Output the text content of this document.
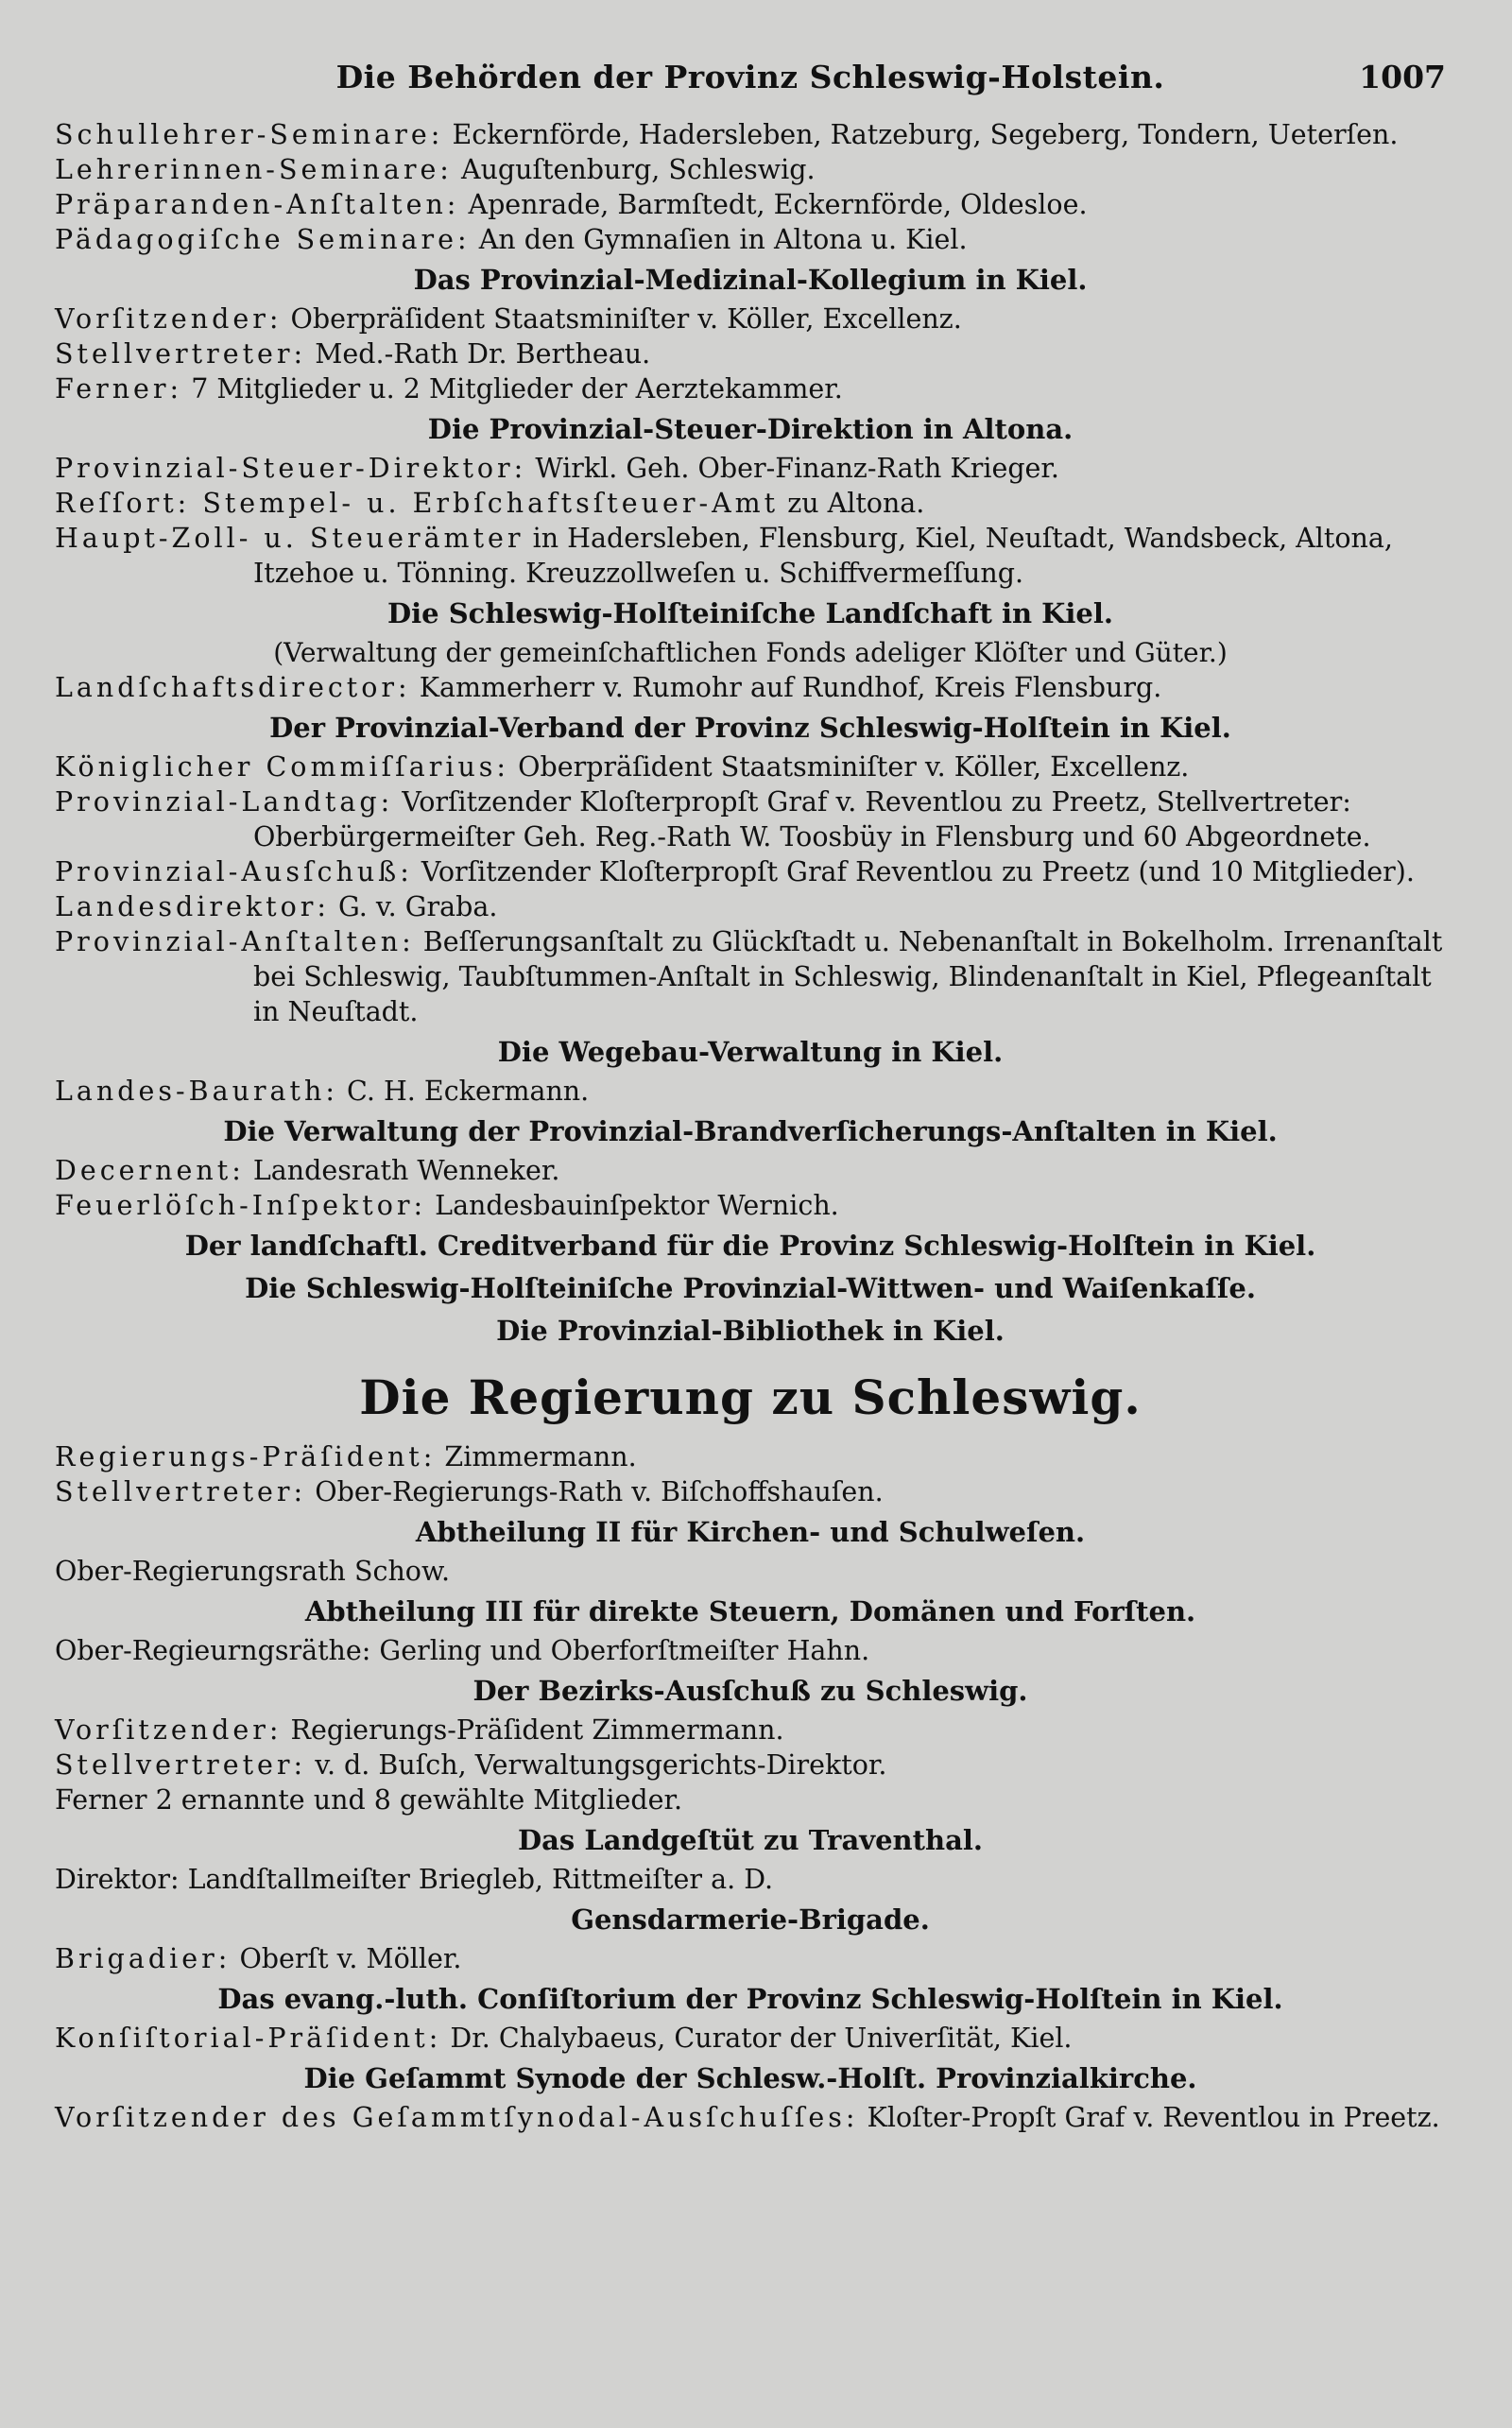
Die Behörden der Provinz Schleswig-Holstein.	1007

Schullehrer-Seminare: Eckernförde, Hadersleben, Ratzeburg, Segeberg, Tondern, Ueterſen.

Lehrerinnen-Seminare: Auguſtenburg, Schleswig.

Präparanden-Anſtalten: Apenrade, Barmſtedt, Eckernförde, Oldesloe.

Pädagogiſche Seminare: An den Gymnaſien in Altona u. Kiel.

Das Provinzial-Medizinal-Kollegium in Kiel.

Vorſitzender: Oberpräſident Staatsminiſter v. Köller, Excellenz.

Stellvertreter: Med.-Rath Dr. Bertheau.

Ferner: 7 Mitglieder u. 2 Mitglieder der Aerztekammer.

Die Provinzial-Steuer-Direktion in Altona.

Provinzial-Steuer-Direktor: Wirkl. Geh. Ober-Finanz-Rath Krieger.

Reſſort: Stempel- u. Erbſchaftsſteuer-Amt zu Altona.

Haupt-Zoll- u. Steuerämter in Hadersleben, Flensburg, Kiel, Neuſtadt, Wandsbeck, Altona, Itzehoe u. Tönning. Kreuzzollweſen u. Schiffvermeſſung.

Die Schleswig-Holſteiniſche Landſchaft in Kiel.

(Verwaltung der gemeinſchaftlichen Fonds adeliger Klöſter und Güter.)

Landſchaftsdirector: Kammerherr v. Rumohr auf Rundhof, Kreis Flensburg.

Der Provinzial-Verband der Provinz Schleswig-Holſtein in Kiel.

Königlicher Commiſſarius: Oberpräſident Staatsminiſter v. Köller, Excellenz.

Provinzial-Landtag: Vorſitzender Kloſterpropſt Graf v. Reventlou zu Preetz, Stellvertreter: Oberbürgermeiſter Geh. Reg.-Rath W. Toosbüy in Flensburg und 60 Abgeordnete.

Provinzial-Ausſchuß: Vorſitzender Kloſterpropſt Graf Reventlou zu Preetz (und 10 Mitglieder).

Landesdirektor: G. v. Graba.

Provinzial-Anſtalten: Beſſerungsanſtalt zu Glückſtadt u. Nebenanſtalt in Bokelholm. Irrenanſtalt bei Schleswig, Taubſtummen-Anſtalt in Schleswig, Blindenanſtalt in Kiel, Pflegeanſtalt in Neuſtadt.

Die Wegebau-Verwaltung in Kiel.

Landes-Baurath: C. H. Eckermann.

Die Verwaltung der Provinzial-Brandverſicherungs-Anſtalten in Kiel.

Decernent: Landesrath Wenneker.

Feuerlöſch-Inſpektor: Landesbauinſpektor Wernich.

Der landſchaftl. Creditverband für die Provinz Schleswig-Holſtein in Kiel.

Die Schleswig-Holſteiniſche Provinzial-Wittwen- und Waiſenkaſſe.

Die Provinzial-Bibliothek in Kiel.

Die Regierung zu Schleswig.

Regierungs-Präſident: Zimmermann.

Stellvertreter: Ober-Regierungs-Rath v. Biſchoffshauſen.

Abtheilung II für Kirchen- und Schulweſen.

Ober-Regierungsrath Schow.

Abtheilung III für direkte Steuern, Domänen und Forſten.

Ober-Regieurngsräthe: Gerling und Oberforſtmeiſter Hahn.

Der Bezirks-Ausſchuß zu Schleswig.

Vorſitzender: Regierungs-Präſident Zimmermann.

Stellvertreter: v. d. Buſch, Verwaltungsgerichts-Direktor.

Ferner 2 ernannte und 8 gewählte Mitglieder.

Das Landgeſtüt zu Traventhal.

Direktor: Landſtallmeiſter Briegleb, Rittmeiſter a. D.

Gensdarmerie-Brigade.

Brigadier: Oberſt v. Möller.

Das evang.-luth. Conſiſtorium der Provinz Schleswig-Holſtein in Kiel.

Konſiſtorial-Präſident: Dr. Chalybaeus, Curator der Univerſität, Kiel.

Die Geſammt Synode der Schlesw.-Holſt. Provinzialkirche.

Vorſitzender des Geſammtſynodal-Ausſchuſſes: Kloſter-Propſt Graf v. Reventlou in Preetz.
